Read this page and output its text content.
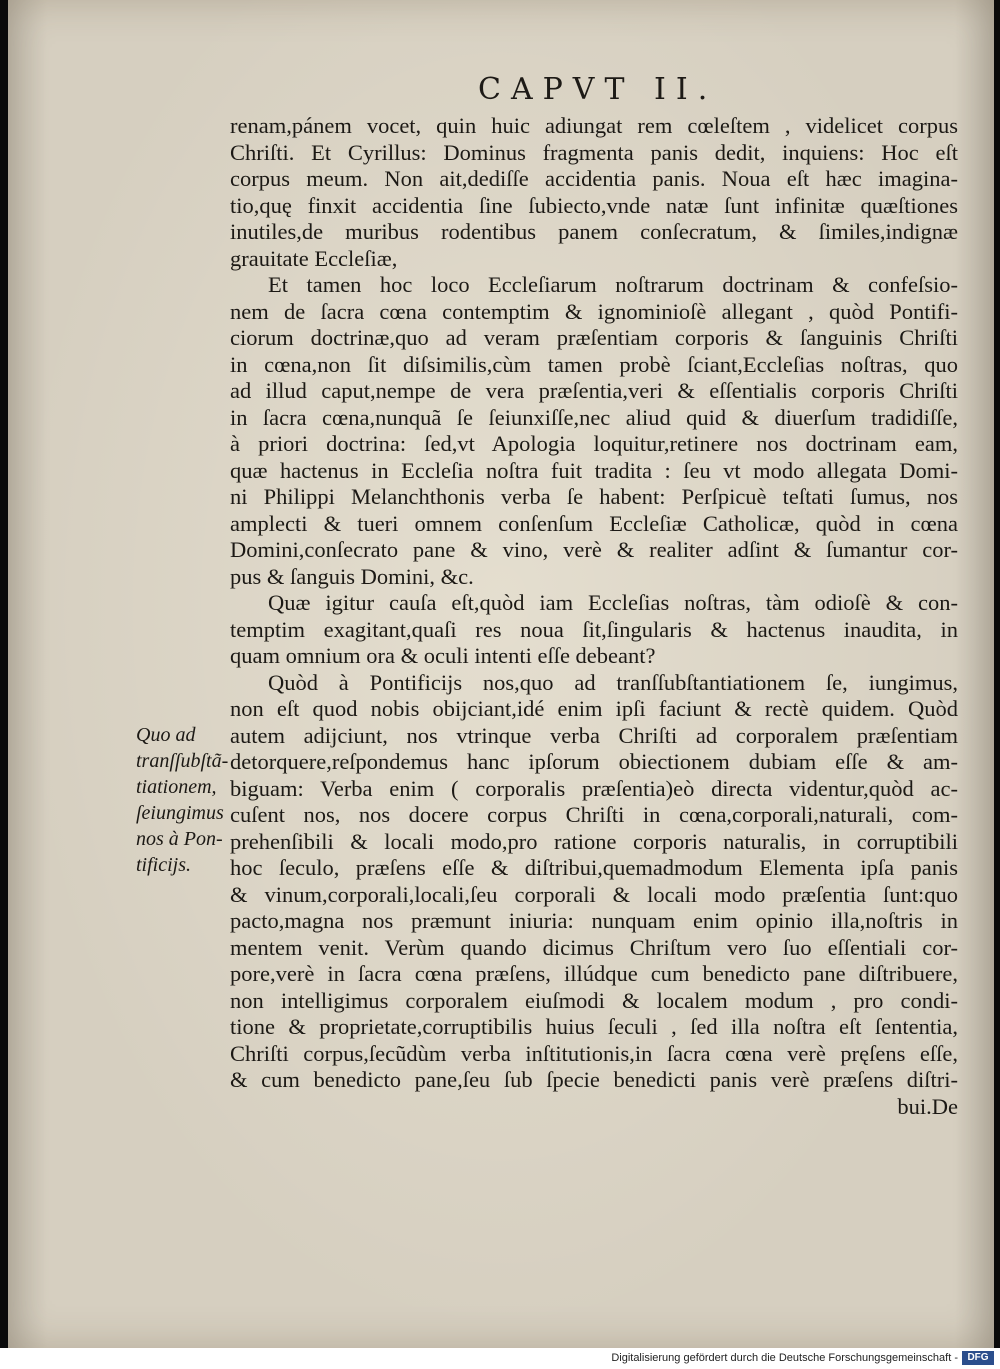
CAPVT II.
renam,pánem vocet, quin huic adiungat rem cœleſtem , videlicet corpus
Chriſti. Et Cyrillus: Dominus fragmenta panis dedit, inquiens: Hoc eſt
corpus meum. Non ait,dediſſe accidentia panis. Noua eſt hæc imagina-
tio,quę finxit accidentia ſine ſubiecto,vnde natæ ſunt infinitæ quæſtiones
inutiles,de muribus rodentibus panem conſecratum, & ſimiles,indignæ
grauitate Eccleſiæ,
Et tamen hoc loco Eccleſiarum noſtrarum doctrinam & confeſsio-
nem de ſacra cœna contemptim & ignominioſè allegant , quòd Pontifi-
ciorum doctrinæ,quo ad veram præſentiam corporis & ſanguinis Chriſti
in cœna,non ſit diſsimilis,cùm tamen probè ſciant,Eccleſias noſtras, quo
ad illud caput,nempe de vera præſentia,veri & eſſentialis corporis Chriſti
in ſacra cœna,nunquã ſe ſeiunxiſſe,nec aliud quid & diuerſum tradidiſſe,
à priori doctrina: ſed,vt Apologia loquitur,retinere nos doctrinam eam,
quæ hactenus in Eccleſia noſtra fuit tradita : ſeu vt modo allegata Domi-
ni Philippi Melanchthonis verba ſe habent: Perſpicuè teſtati ſumus, nos
amplecti & tueri omnem conſenſum Eccleſiæ Catholicæ, quòd in cœna
Domini,conſecrato pane & vino, verè & realiter adſint & ſumantur cor-
pus & ſanguis Domini, &c.
Quæ igitur cauſa eſt,quòd iam Eccleſias noſtras, tàm odioſè & con-
temptim exagitant,quaſi res noua ſit,ſingularis & hactenus inaudita, in
quam omnium ora & oculi intenti eſſe debeant?
Quòd à Pontificijs nos,quo ad tranſſubſtantiationem ſe, iungimus,
non eſt quod nobis obijciant,idé enim ipſi faciunt & rectè quidem. Quòd
autem adijciunt, nos vtrinque verba Chriſti ad corporalem præſentiam
detorquere,reſpondemus hanc ipſorum obiectionem dubiam eſſe & am-
biguam: Verba enim ( corporalis præſentia)eò directa videntur,quòd ac-
cuſent nos, nos docere corpus Chriſti in cœna,corporali,naturali, com-
prehenſibili & locali modo,pro ratione corporis naturalis, in corruptibili
hoc ſeculo, præſens eſſe & diſtribui,quemadmodum Elementa ipſa panis
& vinum,corporali,locali,ſeu corporali & locali modo præſentia ſunt:quo
pacto,magna nos præmunt iniuria: nunquam enim opinio illa,noſtris in
mentem venit. Verùm quando dicimus Chriſtum vero ſuo eſſentiali cor-
pore,verè in ſacra cœna præſens, illúdque cum benedicto pane diſtribuere,
non intelligimus corporalem eiuſmodi & localem modum , pro condi-
tione & proprietate,corruptibilis huius ſeculi , ſed illa noſtra eſt ſententia,
Chriſti corpus,ſecũdùm verba inſtitutionis,in ſacra cœna verè pręſens eſſe,
& cum benedicto pane,ſeu ſub ſpecie benedicti panis verè præſens diſtri-
bui.De
Quo ad
tranſſubſtã-
tiationem,
ſeiungimus
nos à Pon-
tificijs.
Digitalisierung gefördert durch die Deutsche Forschungsgemeinschaft - DFG
